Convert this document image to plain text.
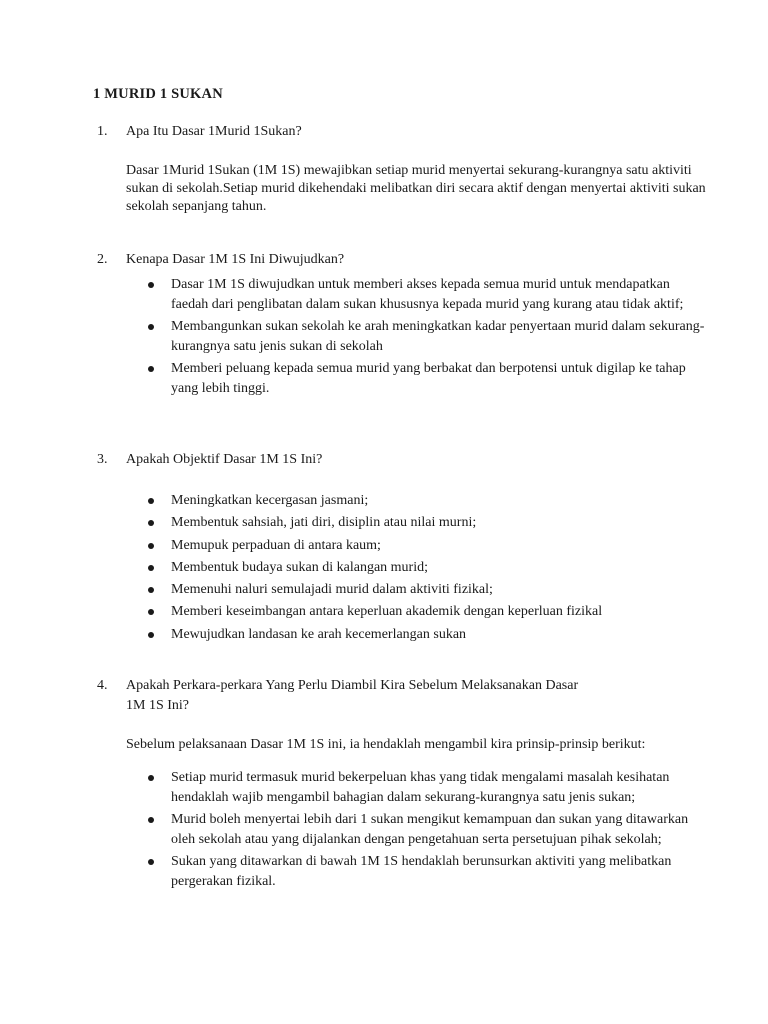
1 MURID 1 SUKAN
1.	Apa Itu Dasar 1Murid 1Sukan?
Dasar 1Murid 1Sukan (1M 1S) mewajibkan setiap murid menyertai sekurang-kurangnya satu aktiviti sukan di sekolah.Setiap murid dikehendaki melibatkan diri secara aktif dengan menyertai aktiviti sukan sekolah sepanjang tahun.
2.	Kenapa Dasar 1M 1S Ini Diwujudkan?
Dasar 1M 1S diwujudkan untuk memberi akses kepada semua murid untuk mendapatkan faedah dari penglibatan dalam sukan khususnya kepada murid yang kurang atau tidak aktif;
Membangunkan sukan sekolah ke arah meningkatkan kadar penyertaan murid dalam sekurang-kurangnya satu jenis sukan di sekolah
Memberi peluang kepada semua murid yang berbakat dan berpotensi untuk digilap ke tahap yang lebih tinggi.
3.	Apakah Objektif Dasar 1M 1S Ini?
Meningkatkan kecergasan jasmani;
Membentuk sahsiah, jati diri, disiplin atau nilai murni;
Memupuk perpaduan di antara kaum;
Membentuk budaya sukan di kalangan murid;
Memenuhi naluri semulajadi murid dalam aktiviti fizikal;
Memberi keseimbangan antara keperluan akademik dengan keperluan fizikal
Mewujudkan landasan ke arah kecemerlangan sukan
4.	Apakah Perkara-perkara Yang Perlu Diambil Kira Sebelum Melaksanakan Dasar
1M 1S Ini?
Sebelum pelaksanaan Dasar 1M 1S ini, ia hendaklah mengambil kira prinsip-prinsip berikut:
Setiap murid termasuk murid bekerpeluan khas yang tidak mengalami masalah kesihatan hendaklah wajib mengambil bahagian dalam sekurang-kurangnya satu jenis sukan;
Murid boleh menyertai lebih dari 1 sukan mengikut kemampuan dan sukan yang ditawarkan oleh sekolah atau yang dijalankan dengan pengetahuan serta persetujuan pihak sekolah;
Sukan yang ditawarkan di bawah 1M 1S hendaklah berunsurkan aktiviti yang melibatkan pergerakan fizikal.
